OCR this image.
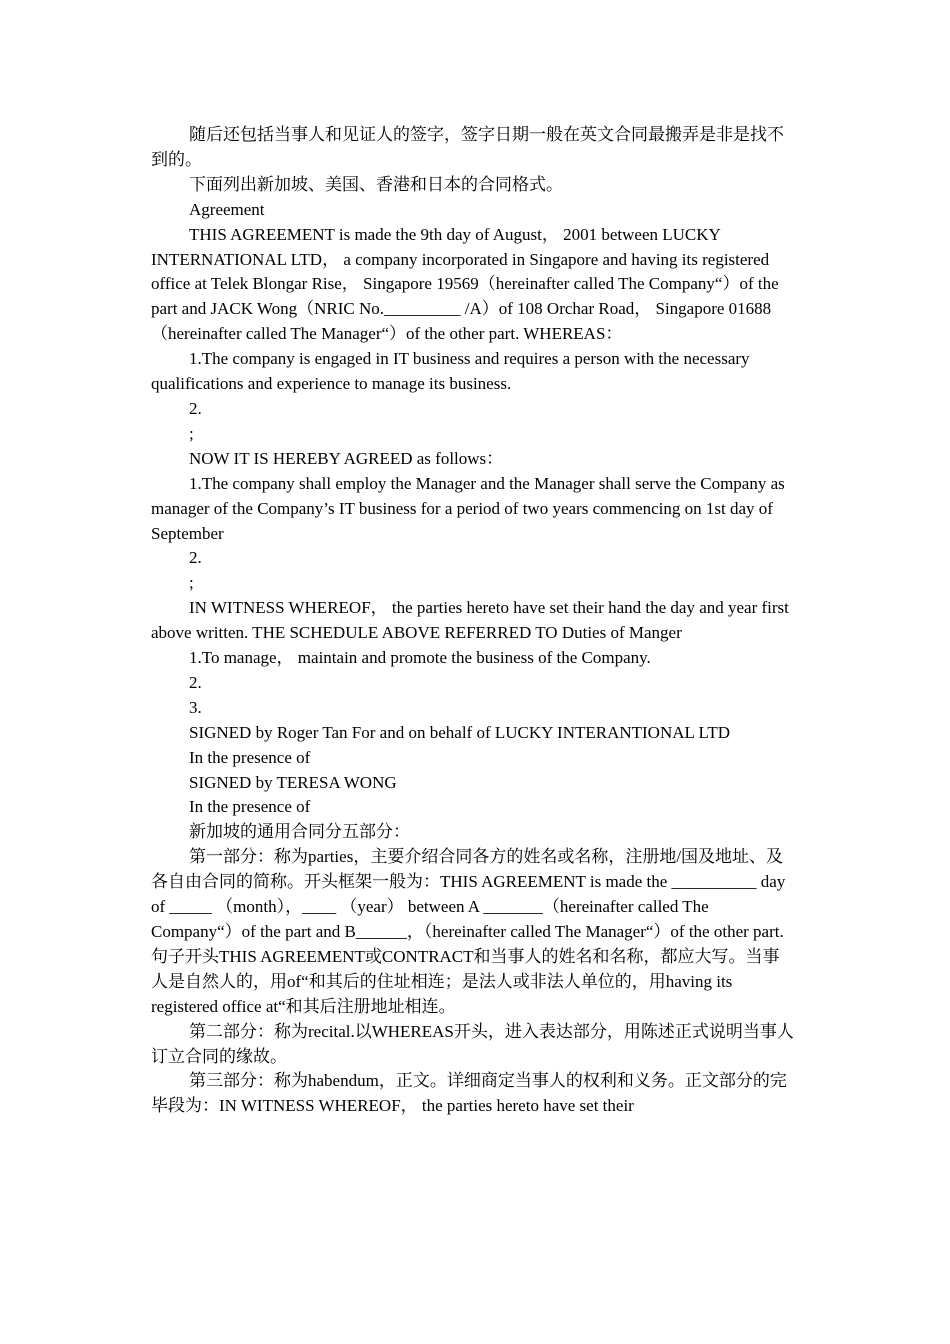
随后还包括当事人和见证人的签字，签字日期一般在英文合同最搬弄是非是找不到的。

下面列出新加坡、美国、香港和日本的合同格式。

Agreement

THIS AGREEMENT is made the 9th day of August， 2001 between LUCKY INTERNATIONAL LTD， a company incorporated in Singapore and having its registered office at Telek Blongar Rise， Singapore 19569（hereinafter called The Company“）of the part and JACK Wong（NRIC No._________ /A）of 108 Orchar Road， Singapore 01688 （hereinafter called The Manager“）of the other part. WHEREAS：

1.The company is engaged in IT business and requires a person with the necessary qualifications and experience to manage its business.

2.

;

NOW IT IS HEREBY AGREED as follows：

1.The company shall employ the Manager and the Manager shall serve the Company as manager of the Company’s IT business for a period of two years commencing on 1st day of September

2.

;

IN WITNESS WHEREOF， the parties hereto have set their hand the day and year first above written. THE SCHEDULE ABOVE REFERRED TO Duties of Manger

1.To manage， maintain and promote the business of the Company.

2.

3.

SIGNED by Roger Tan For and on behalf of LUCKY INTERANTIONAL LTD

In the presence of

SIGNED by TERESA WONG

In the presence of

新加坡的通用合同分五部分：

第一部分：称为parties，主要介绍合同各方的姓名或名称，注册地/国及地址、及各自由合同的简称。开头框架一般为：THIS AGREEMENT is made the __________ day of _____ （month），____ （year） between A _______（hereinafter called The Company“）of the part and B______，（hereinafter called The Manager“）of the other part.句子开头THIS AGREEMENT或CONTRACT和当事人的姓名和名称，都应大写。当事人是自然人的，用of“和其后的住址相连；是法人或非法人单位的，用having its registered office at“和其后注册地址相连。

第二部分：称为recital.以WHEREAS开头，进入表达部分，用陈述正式说明当事人订立合同的缘故。

第三部分：称为habendum，正文。详细商定当事人的权利和义务。正文部分的完毕段为：IN WITNESS WHEREOF， the parties hereto have set their
